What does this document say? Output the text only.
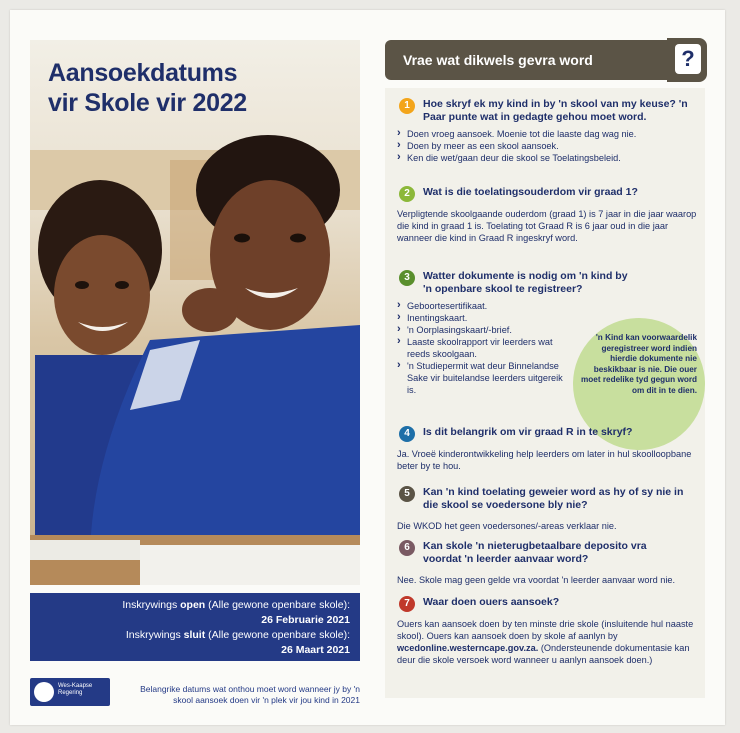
Aansoekdatums
vir Skole vir 2022
Inskrywings open (Alle gewone openbare skole):
26 Februarie 2021
Inskrywings sluit (Alle gewone openbare skole):
26 Maart 2021
Wes-Kaapse Regering	Belangrike datums wat onthou moet word wanneer jy by 'n skool aansoek doen vir 'n plek vir jou kind in 2021
Vrae wat dikwels gevra word	?
1	Hoe skryf ek my kind in by 'n skool van my keuse? 'n Paar punte wat in gedagte gehou moet word.
› Doen vroeg aansoek. Moenie tot die laaste dag wag nie.
› Doen by meer as een skool aansoek.
› Ken die wet/gaan deur die skool se Toelatingsbeleid.
2	Wat is die toelatingsouderdom vir graad 1?
Verpligtende skoolgaande ouderdom (graad 1) is 7 jaar in die jaar waarop die kind in graad 1 is. Toelating tot Graad R is 6 jaar oud in die jaar wanneer die kind in Graad R ingeskryf word.
3	Watter dokumente is nodig om 'n kind by 'n openbare skool te registreer?
› Geboortesertifikaat.
› Inentingskaart.
› 'n Oorplasingskaart/-brief.
› Laaste skoolrapport vir leerders wat reeds skoolgaan.
› 'n Studiepermit wat deur Binnelandse Sake vir buitelandse leerders uitgereik is.
'n Kind kan voorwaardelik geregistreer word indien hierdie dokumente nie beskikbaar is nie. Die ouer moet redelike tyd gegun word om dit in te dien.
4	Is dit belangrik om vir graad R in te skryf?
Ja. Vroeë kinderontwikkeling help leerders om later in hul skoolloopbane beter by te hou.
5	Kan 'n kind toelating geweier word as hy of sy nie in die skool se voedersone bly nie?
Die WKOD het geen voedersones/-areas verklaar nie.
6	Kan skole 'n nieterugbetaalbare deposito vra voordat 'n leerder aanvaar word?
Nee. Skole mag geen gelde vra voordat 'n leerder aanvaar word nie.
7	Waar doen ouers aansoek?
Ouers kan aansoek doen by ten minste drie skole (insluitende hul naaste skool). Ouers kan aansoek doen by skole af aanlyn by wcedonline.westerncape.gov.za. (Ondersteunende dokumentasie kan deur die skole versoek word wanneer u aanlyn aansoek doen.)
